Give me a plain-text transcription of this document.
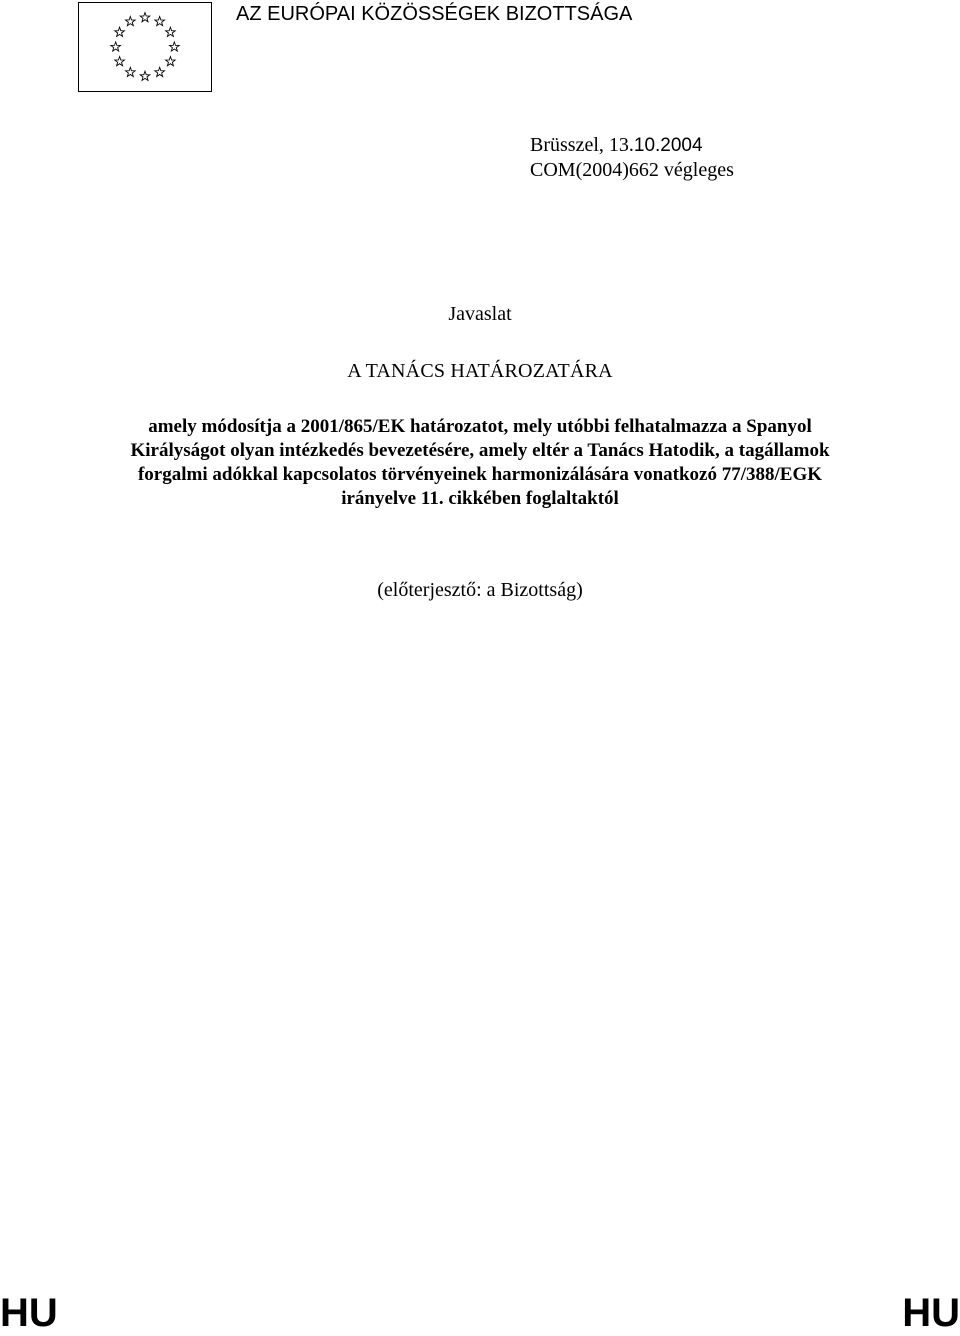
AZ EURÓPAI KÖZÖSSÉGEK BIZOTTSÁGA
Brüsszel, 13.10.2004
COM(2004)662 végleges
Javaslat
A TANÁCS HATÁROZATÁRA
amely módosítja a 2001/865/EK határozatot, mely utóbbi felhatalmazza a Spanyol
Királyságot olyan intézkedés bevezetésére, amely eltér a Tanács Hatodik, a tagállamok
forgalmi adókkal kapcsolatos törvényeinek harmonizálására vonatkozó 77/388/EGK
irányelve 11. cikkében foglaltaktól
(előterjesztő: a Bizottság)
HU	HU
